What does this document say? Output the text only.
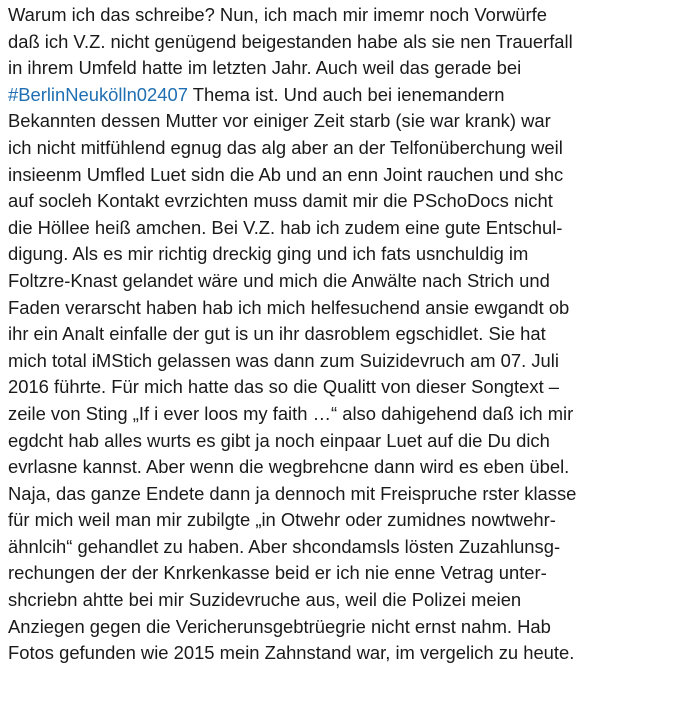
Warum ich das schreibe? Nun, ich mach mir imemr noch Vorwürfe
daß ich V.Z. nicht genügend beigestanden habe als sie nen Trauerfall
in ihrem Umfeld hatte im letzten Jahr. Auch weil das gerade bei
#BerlinNeukölln02407 Thema ist. Und auch bei ienemandern
Bekannten dessen Mutter vor einiger Zeit starb (sie war krank) war
ich nicht mitfühlend egnug das alg aber an der Telfonüberchung weil
insieenm Umfled Luet sidn die Ab und an enn Joint rauchen und shc
auf socleh Kontakt evrzichten muss damit mir die PSchoDocs nicht
die Höllee heiß amchen. Bei V.Z. hab ich zudem eine gute Entschul-
digung. Als es mir richtig dreckig ging und ich fats usnchuldig im
Foltzre-Knast gelandet wäre und mich die Anwälte nach Strich und
Faden verarscht haben hab ich mich helfesuchend ansie ewgandt ob
ihr ein Analt einfalle der gut is un ihr dasroblem egschidlet. Sie hat
mich total iMStich gelassen was dann zum Suizidevruch am 07. Juli
2016 führte. Für mich hatte das so die Qualitt von dieser Songtext –
zeile von Sting „If i ever loos my faith …“ also dahigehend daß ich mir
egdcht hab alles wurts es gibt ja noch einpaar Luet auf die Du dich
evrlasne kannst. Aber wenn die wegbrehcne dann wird es eben übel.
Naja, das ganze Endete dann ja dennoch mit Freispruche rster klasse
für mich weil man mir zubilgte „in Otwehr oder zumidnes nowtwehr-
ähnlcih“ gehandlet zu haben. Aber shcondamsls lösten Zuzahlunsg-
rechungen der der Knrkenkasse beid er ich nie enne Vetrag unter-
shcriebn ahtte bei mir Suzidevruche aus, weil die Polizei meien
Anziegen gegen die Vericherunsgebtrüegrie nicht ernst nahm. Hab
Fotos gefunden wie 2015 mein Zahnstand war, im vergelich zu heute.
